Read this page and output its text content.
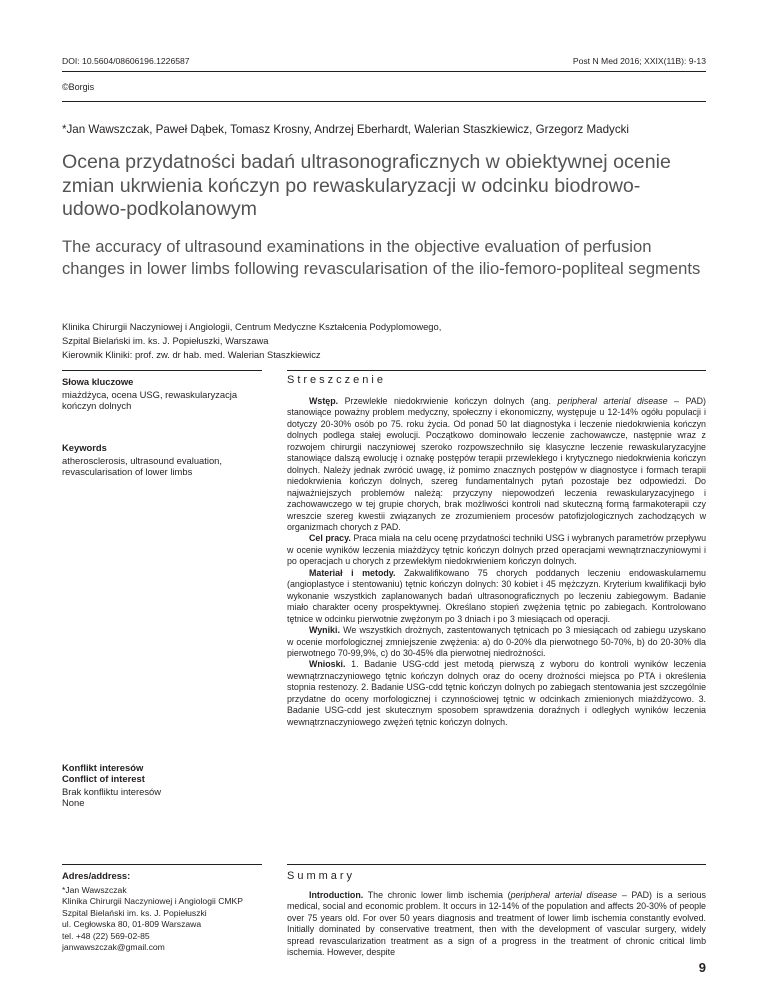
DOI: 10.5604/08606196.1226587	Post N Med 2016; XXIX(11B): 9-13
©Borgis
*Jan Wawszczak, Paweł Dąbek, Tomasz Krosny, Andrzej Eberhardt, Walerian Staszkiewicz, Grzegorz Madycki
Ocena przydatności badań ultrasonograficznych w obiektywnej ocenie zmian ukrwienia kończyn po rewaskularyzacji w odcinku biodrowo-udowo-podkolanowym
The accuracy of ultrasound examinations in the objective evaluation of perfusion changes in lower limbs following revascularisation of the ilio-femoro-popliteal segments
Klinika Chirurgii Naczyniowej i Angiologii, Centrum Medyczne Kształcenia Podyplomowego,
Szpital Bielański im. ks. J. Popiełuszki, Warszawa
Kierownik Kliniki: prof. zw. dr hab. med. Walerian Staszkiewicz
Słowa kluczowe
miażdżyca, ocena USG, rewaskularyzacja kończyn dolnych
Keywords
atherosclerosis, ultrasound evaluation, revascularisation of lower limbs
Konflikt interesów
Conflict of interest
Brak konfliktu interesów
None
Adres/address:
*Jan Wawszczak
Klinika Chirurgii Naczyniowej i Angiologii CMKP
Szpital Bielański im. ks. J. Popiełuszki
ul. Cegłowska 80, 01-809 Warszawa
tel. +48 (22) 569-02-85
janwawszczak@gmail.com
Streszczenie

Wstęp. Przewlekłe niedokrwienie kończyn dolnych (ang. peripheral arterial disease – PAD) stanowiące poważny problem medyczny, społeczny i ekonomiczny, występuje u 12-14% ogółu populacji i dotyczy 20-30% osób po 75. roku życia. Od ponad 50 lat diagnostyka i leczenie niedokrwienia kończyn dolnych podlega stałej ewolucji. Początkowo dominowało leczenie zachowawcze, następnie wraz z rozwojem chirurgii naczyniowej szeroko rozpowszechniło się klasyczne leczenie rewaskularyzacyjne stanowiące dalszą ewolucję i oznakę postępów terapii przewlekłego i krytycznego niedokrwienia kończyn dolnych. Należy jednak zwrócić uwagę, iż pomimo znacznych postępów w diagnostyce i formach terapii niedokrwienia kończyn dolnych, szereg fundamentalnych pytań pozostaje bez odpowiedzi. Do najważniejszych problemów należą: przyczyny niepowodzeń leczenia rewaskularyzacyjnego i zachowawczego w tej grupie chorych, brak możliwości kontroli nad skuteczną formą farmakoterapii czy wreszcie szereg kwestii związanych ze zrozumieniem procesów patofizjologicznych zachodzących w organizmach chorych z PAD.

Cel pracy. Praca miała na celu ocenę przydatności techniki USG i wybranych parametrów przepływu w ocenie wyników leczenia miażdżycy tętnic kończyn dolnych przed operacjami wewnątrznaczyniowymi i po operacjach u chorych z przewlekłym niedokrwieniem kończyn dolnych.

Materiał i metody. Zakwalifikowano 75 chorych poddanych leczeniu endowaskularnemu (angioplastyce i stentowaniu) tętnic kończyn dolnych: 30 kobiet i 45 mężczyzn. Kryterium kwalifikacji było wykonanie wszystkich zaplanowanych badań ultrasonograficznych po leczeniu zabiegowym. Badanie miało charakter oceny prospektywnej. Określano stopień zwężenia tętnic po zabiegach. Kontrolowano tętnice w odcinku pierwotnie zwężonym po 3 dniach i po 3 miesiącach od operacji.

Wyniki. We wszystkich drożnych, zastentowanych tętnicach po 3 miesiącach od zabiegu uzyskano w ocenie morfologicznej zmniejszenie zwężenia: a) do 0-20% dla pierwotnego 50-70%, b) do 20-30% dla pierwotnego 70-99,9%, c) do 30-45% dla pierwotnej niedrożności.

Wnioski. 1. Badanie USG-cdd jest metodą pierwszą z wyboru do kontroli wyników leczenia wewnątrznaczyniowego tętnic kończyn dolnych oraz do oceny drożności miejsca po PTA i określenia stopnia restenozy. 2. Badanie USG-cdd tętnic kończyn dolnych po zabiegach stentowania jest szczególnie przydatne do oceny morfologicznej i czynnościowej tętnic w odcinkach zmienionych miażdżycowo. 3. Badanie USG-cdd jest skutecznym sposobem sprawdzenia doraźnych i odległych wyników leczenia wewnątrznaczyniowego zwężeń tętnic kończyn dolnych.

Summary

Introduction. The chronic lower limb ischemia (peripheral arterial disease – PAD) is a serious medical, social and economic problem. It occurs in 12-14% of the population and affects 20-30% of people over 75 years old. For over 50 years diagnosis and treatment of lower limb ischemia constantly evolved. Initially dominated by conservative treatment, then with the development of vascular surgery, widely spread revascularization treatment as a sign of a progress in the treatment of chronic critical limb ischemia. However, despite

9
